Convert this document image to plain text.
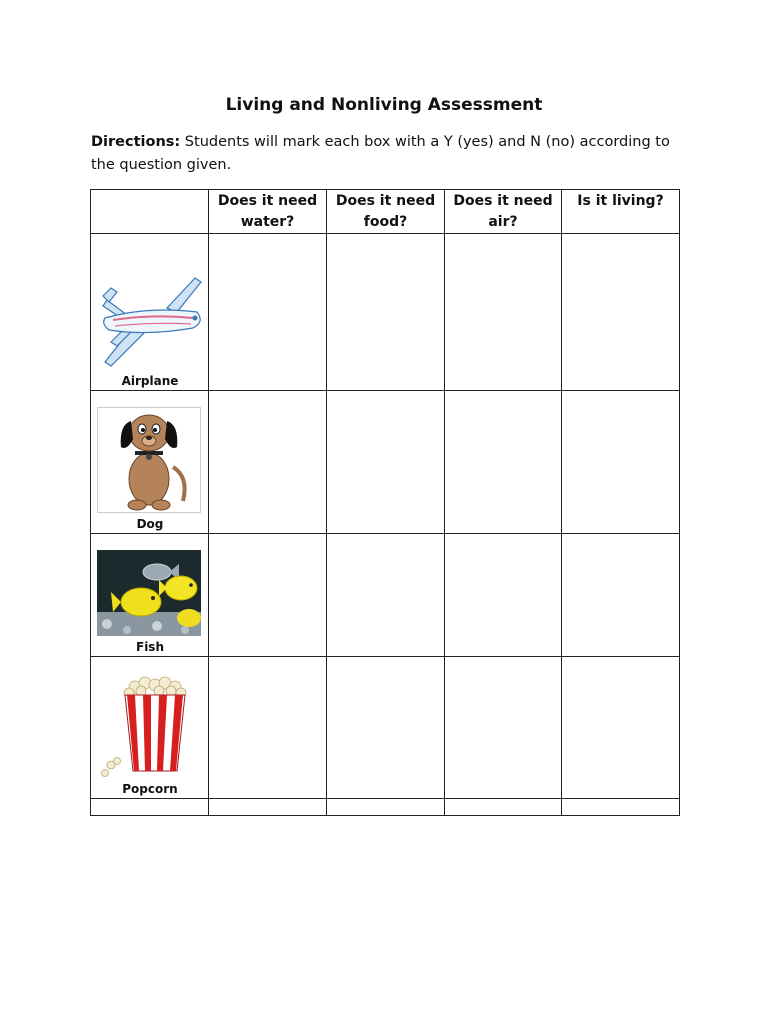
Living and Nonliving Assessment
Directions: Students will mark each box with a Y (yes) and N (no) according to the question given.
	Does it need water?	Does it need food?	Does it need air?	Is it living?

Airplane				

Dog				

Fish				

Popcorn				
